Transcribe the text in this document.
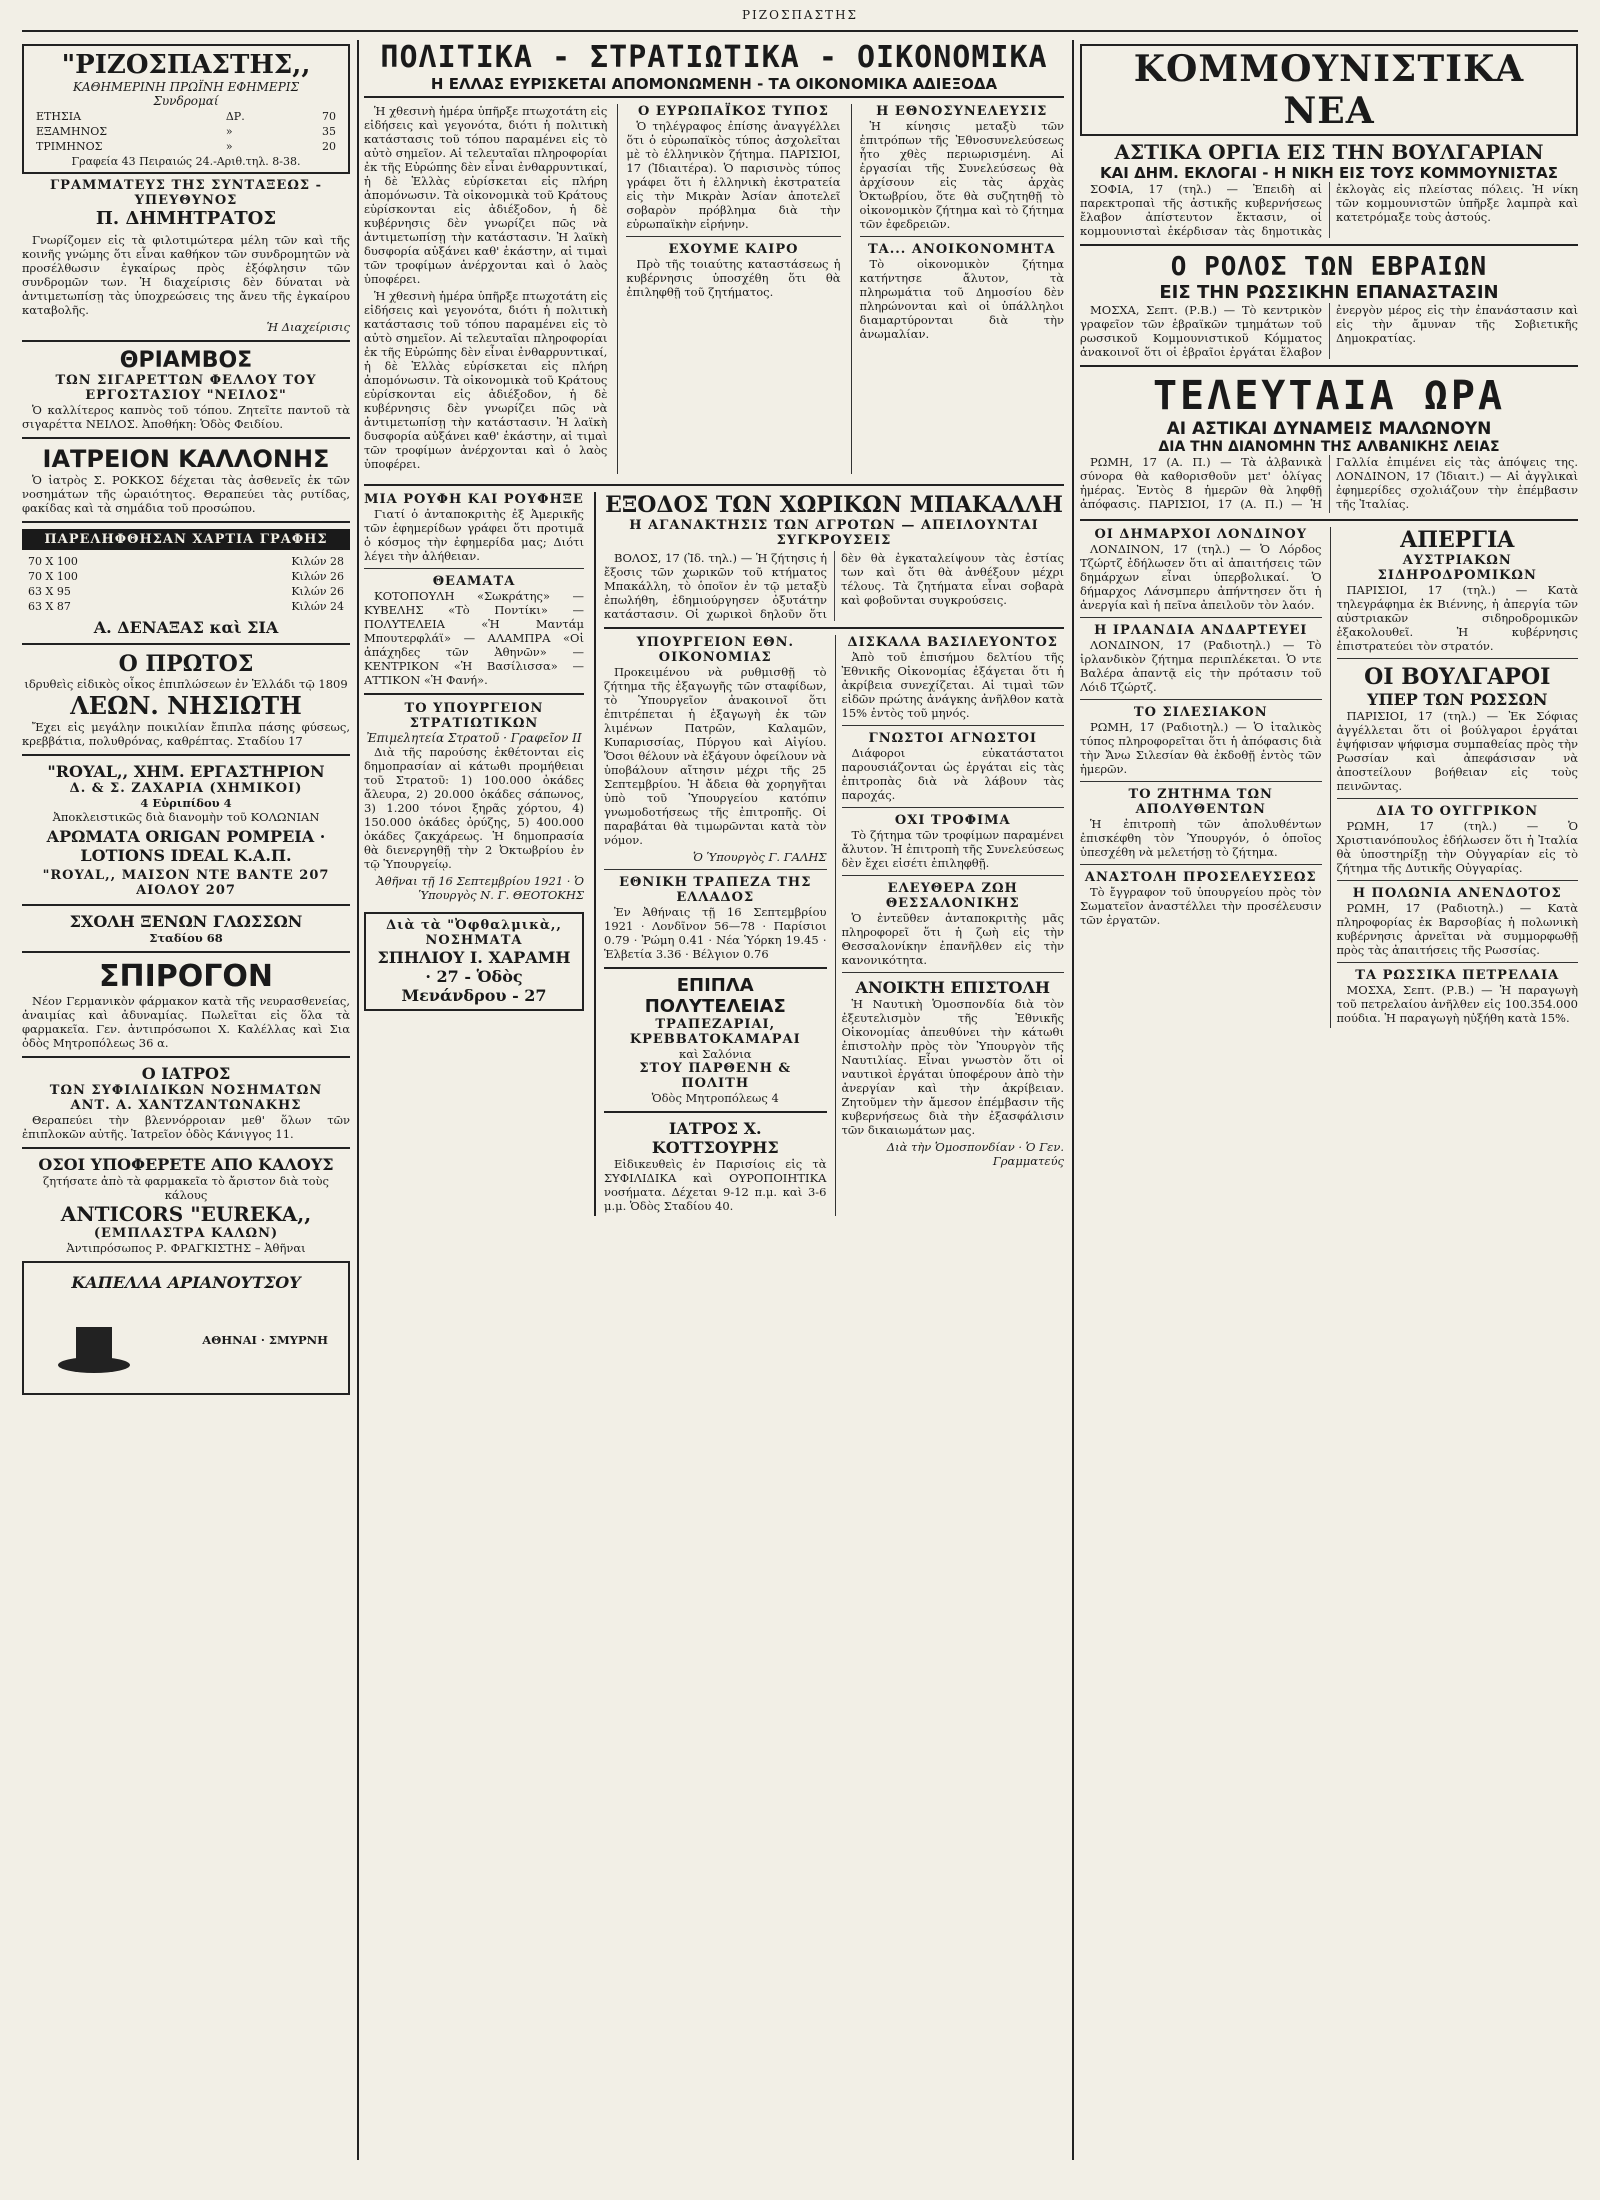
ΡΙΖΟΣΠΑΣΤΗΣ
"ΡΙΖΟΣΠΑΣΤΗΣ,,
ΚΑΘΗΜΕΡΙΝΗ ΠΡΩΪΝΗ ΕΦΗΜΕΡΙΣ
Συνδρομαί
ΕΤΗΣΙΑ	ΔΡ.	70
ΕΞΑΜΗΝΟΣ	»	35
ΤΡΙΜΗΝΟΣ	»	20
Γραφεία 43 Πειραιώς 24.-Αριθ.τηλ. 8-38.
ΓΡΑΜΜΑΤΕΥΣ ΤΗΣ ΣΥΝΤΑΞΕΩΣ - ΥΠΕΥΘΥΝΟΣ
Π. ΔΗΜΗΤΡΑΤΟΣ

Γνωρίζομεν εἰς τὰ φιλοτιμώτερα μέλη τῶν καὶ τῆς κοινῆς γνώμης ὅτι εἶναι καθήκον τῶν συνδρομητῶν νὰ προσέλθωσιν ἐγκαίρως πρὸς ἐξόφλησιν τῶν συνδρομῶν των. Ἡ διαχείρισις δὲν δύναται νὰ ἀντιμετωπίσῃ τὰς ὑποχρεώσεις της ἄνευ τῆς ἐγκαίρου καταβολῆς.

Ἡ Διαχείρισις
ΘΡΙΑΜΒΟΣ
ΤΩΝ ΣΙΓΑΡΕΤΤΩΝ ΦΕΛΛΟΥ ΤΟΥ ΕΡΓΟΣΤΑΣΙΟΥ "ΝΕΙΛΟΣ"

Ὁ καλλίτερος καπνὸς τοῦ τόπου. Ζητεῖτε παντοῦ τὰ σιγαρέττα ΝΕΙΛΟΣ. Ἀποθήκη: Ὁδὸς Φειδίου.

ΙΑΤΡΕΙΟΝ ΚΑΛΛΟΝΗΣ

Ὁ ἰατρὸς Σ. ΡΟΚΚΟΣ δέχεται τὰς ἀσθενεῖς ἐκ τῶν νοσημάτων τῆς ὡραιότητος. Θεραπεύει τὰς ρυτίδας, φακίδας καὶ τὰ σημάδια τοῦ προσώπου.

ΠΑΡΕΛΗΦΘΗΣΑΝ ΧΑΡΤΙΑ ΓΡΑΦΗΣ
70 X 100	Κιλών 28
70 X 100	Κιλών 26
63 X 95	Κιλών 26
63 X 87	Κιλών 24
Α. ΔΕΝΑΞΑΣ καὶ ΣΙΑ
Ο ΠΡΩΤΟΣ
ιδρυθεὶς εἰδικὸς οἶκος ἐπιπλώσεων ἐν Ἑλλάδι τῷ 1809
ΛΕΩΝ. ΝΗΣΙΩΤΗ

Ἔχει εἰς μεγάλην ποικιλίαν ἔπιπλα πάσης φύσεως, κρεββάτια, πολυθρόνας, καθρέπτας. Σταδίου 17

"ROYAL,, ΧΗΜ. ΕΡΓΑΣΤΗΡΙΟΝ
Δ. & Σ. ΖΑΧΑΡΙΑ (ΧΗΜΙΚΟΙ)
4 Εὐριπίδου 4
Ἀποκλειστικῶς διὰ διανομὴν τοῦ ΚΟΛΩΝΙΑΝ
ΑΡΩΜΑΤΑ ORIGAN POMPEIA · LOTIONS IDEAL K.A.Π.
"ROYAL,, ΜΑΙΣΟΝ ΝΤΕ ΒΑΝΤΕ 207 ΑΙΟΛΟΥ 207
ΣΧΟΛΗ ΞΕΝΩΝ ΓΛΩΣΣΩΝ
Σταδίου 68
ΣΠΙΡΟΓΟΝ

Νέον Γερμανικὸν φάρμακον κατὰ τῆς νευρασθενείας, ἀναιμίας καὶ ἀδυναμίας. Πωλεῖται εἰς ὅλα τὰ φαρμακεῖα. Γεν. ἀντιπρόσωποι Χ. Καλέλλας καὶ Σια ὁδὸς Μητροπόλεως 36 α.

Ο ΙΑΤΡΟΣ
ΤΩΝ ΣΥΦΙΛΙΔΙΚΩΝ ΝΟΣΗΜΑΤΩΝ
ΑΝΤ. Α. ΧΑΝΤΖΑΝΤΩΝΑΚΗΣ

Θεραπεύει τὴν βλεννόρροιαν μεθ' ὅλων τῶν ἐπιπλοκῶν αὐτῆς. Ἰατρεῖον ὁδὸς Κάνιγγος 11.

ΟΣΟΙ ΥΠΟΦΕΡΕΤΕ ΑΠΟ ΚΑΛΟΥΣ
ζητήσατε ἀπὸ τὰ φαρμακεῖα τὸ ἄριστον διὰ τοὺς κάλους
ANTICORS "EUREKA,,
(ΕΜΠΛΑΣΤΡΑ ΚΑΛΩΝ)
Ἀντιπρόσωπος Ρ. ΦΡΑΓΚΙΣΤΗΣ – Ἀθῆναι
ΚΑΠΕΛΛΑ ΑΡΙΑΝΟΥΤΣΟΥ
ΑΘΗΝΑΙ · ΣΜΥΡΝΗ
ΠΟΛΙΤΙΚΑ - ΣΤΡΑΤΙΩΤΙΚΑ - ΟΙΚΟΝΟΜΙΚΑ
Η ΕΛΛΑΣ ΕΥΡΙΣΚΕΤΑΙ ΑΠΟΜΟΝΩΜΕΝΗ - ΤΑ ΟΙΚΟΝΟΜΙΚΑ ΑΔΙΕΞΟΔΑ

Ἡ χθεσινὴ ἡμέρα ὑπῆρξε πτωχοτάτη εἰς εἰδήσεις καὶ γεγονότα, διότι ἡ πολιτικὴ κατάστασις τοῦ τόπου παραμένει εἰς τὸ αὐτὸ σημεῖον. Αἱ τελευταῖαι πληροφορίαι ἐκ τῆς Εὐρώπης δὲν εἶναι ἐνθαρρυντικαί, ἡ δὲ Ἑλλὰς εὑρίσκεται εἰς πλήρη ἀπομόνωσιν. Τὰ οἰκονομικὰ τοῦ Κράτους εὑρίσκονται εἰς ἀδιέξοδον, ἡ δὲ κυβέρνησις δὲν γνωρίζει πῶς νὰ ἀντιμετωπίσῃ τὴν κατάστασιν. Ἡ λαϊκὴ δυσφορία αὐξάνει καθ' ἑκάστην, αἱ τιμαὶ τῶν τροφίμων ἀνέρχονται καὶ ὁ λαὸς ὑποφέρει.

Ἡ χθεσινὴ ἡμέρα ὑπῆρξε πτωχοτάτη εἰς εἰδήσεις καὶ γεγονότα, διότι ἡ πολιτικὴ κατάστασις τοῦ τόπου παραμένει εἰς τὸ αὐτὸ σημεῖον. Αἱ τελευταῖαι πληροφορίαι ἐκ τῆς Εὐρώπης δὲν εἶναι ἐνθαρρυντικαί, ἡ δὲ Ἑλλὰς εὑρίσκεται εἰς πλήρη ἀπομόνωσιν. Τὰ οἰκονομικὰ τοῦ Κράτους εὑρίσκονται εἰς ἀδιέξοδον, ἡ δὲ κυβέρνησις δὲν γνωρίζει πῶς νὰ ἀντιμετωπίσῃ τὴν κατάστασιν. Ἡ λαϊκὴ δυσφορία αὐξάνει καθ' ἑκάστην, αἱ τιμαὶ τῶν τροφίμων ἀνέρχονται καὶ ὁ λαὸς ὑποφέρει.

Ο ΕΥΡΩΠΑΪΚΟΣ ΤΥΠΟΣ

Ὁ τηλέγραφος ἐπίσης ἀναγγέλλει ὅτι ὁ εὐρωπαϊκὸς τύπος ἀσχολεῖται μὲ τὸ ἑλληνικὸν ζήτημα. ΠΑΡΙΣΙΟΙ, 17 (Ἰδιαιτέρα). Ὁ παρισινὸς τύπος γράφει ὅτι ἡ ἑλληνικὴ ἐκστρατεία εἰς τὴν Μικρὰν Ἀσίαν ἀποτελεῖ σοβαρὸν πρόβλημα διὰ τὴν εὐρωπαϊκὴν εἰρήνην.

ΕΧΟΥΜΕ ΚΑΙΡΟ

Πρὸ τῆς τοιαύτης καταστάσεως ἡ κυβέρνησις ὑποσχέθη ὅτι θὰ ἐπιληφθῇ τοῦ ζητήματος.

Η ΕΘΝΟΣΥΝΕΛΕΥΣΙΣ

Ἡ κίνησις μεταξὺ τῶν ἐπιτρόπων τῆς Ἐθνοσυνελεύσεως ἦτο χθὲς περιωρισμένη. Αἱ ἐργασίαι τῆς Συνελεύσεως θὰ ἀρχίσουν εἰς τὰς ἀρχὰς Ὀκτωβρίου, ὅτε θὰ συζητηθῇ τὸ οἰκονομικὸν ζήτημα καὶ τὸ ζήτημα τῶν ἐφεδρειῶν.

ΤΑ... ΑΝΟΙΚΟΝΟΜΗΤΑ

Τὸ οἰκονομικὸν ζήτημα κατήντησε ἄλυτον, τὰ πληρωμάτια τοῦ Δημοσίου δὲν πληρώνονται καὶ οἱ ὑπάλληλοι διαμαρτύρονται διὰ τὴν ἀνωμαλίαν.

ΜΙΑ ΡΟΥΦΗ ΚΑΙ ΡΟΥΦΗΞΕ

Γιατί ὁ ἀνταποκριτὴς ἐξ Ἀμερικῆς τῶν ἐφημερίδων γράφει ὅτι προτιμᾶ ὁ κόσμος τὴν ἐφημερίδα μας; Διότι λέγει τὴν ἀλήθειαν.

ΘΕΑΜΑΤΑ

ΚΟΤΟΠΟΥΛΗ «Σωκράτης» — ΚΥΒΕΛΗΣ «Τὸ Ποντίκι» — ΠΟΛΥΤΕΛΕΙΑ «Ἡ Μαντάμ Μπουτερφλάϊ» — ΑΛΑΜΠΡΑ «Οἱ ἀπάχηδες τῶν Ἀθηνῶν» — ΚΕΝΤΡΙΚΟΝ «Ἡ Βασίλισσα» — ΑΤΤΙΚΟΝ «Ἡ Φανή».

ΤΟ ΥΠΟΥΡΓΕΙΟΝ ΣΤΡΑΤΙΩΤΙΚΩΝ
Ἐπιμελητεία Στρατοῦ · Γραφεῖον ΙΙ

Διὰ τῆς παρούσης ἐκθέτονται εἰς δημοπρασίαν αἱ κάτωθι προμήθειαι τοῦ Στρατοῦ: 1) 100.000 ὀκάδες ἄλευρα, 2) 20.000 ὀκάδες σάπωνος, 3) 1.200 τόνοι ξηρᾶς χόρτου, 4) 150.000 ὀκάδες ὀρύζης, 5) 400.000 ὀκάδες ζακχάρεως. Ἡ δημοπρασία θὰ διενεργηθῇ τὴν 2 Ὀκτωβρίου ἐν τῷ Ὑπουργείῳ.

Ἀθῆναι τῇ 16 Σεπτεμβρίου 1921 · Ὁ Ὑπουργὸς Ν. Γ. ΘΕΟΤΟΚΗΣ
Διὰ τὰ "Ὀφθαλμικὰ,, ΝΟΣΗΜΑΤΑ
ΣΠΗΛΙΟΥ Ι. ΧΑΡΑΜΗ · 27 - Ὁδὸς Μενάνδρου - 27
ΕΞΟΔΟΣ ΤΩΝ ΧΩΡΙΚΩΝ ΜΠΑΚΑΛΛΗ
Η ΑΓΑΝΑΚΤΗΣΙΣ ΤΩΝ ΑΓΡΟΤΩΝ — ΑΠΕΙΛΟΥΝΤΑΙ ΣΥΓΚΡΟΥΣΕΙΣ

ΒΟΛΟΣ, 17 (Ἰδ. τηλ.) — Ἡ ζήτησις ἡ ἔξοσις τῶν χωρικῶν τοῦ κτήματος Μπακάλλη, τὸ ὁποῖον ἐν τῷ μεταξὺ ἐπωλήθη, ἐδημιούργησεν ὀξυτάτην κατάστασιν. Οἱ χωρικοὶ δηλοῦν ὅτι δὲν θὰ ἐγκαταλείψουν τὰς ἐστίας των καὶ ὅτι θὰ ἀνθέξουν μέχρι τέλους. Τὰ ζητήματα εἶναι σοβαρὰ καὶ φοβοῦνται συγκρούσεις.

ΥΠΟΥΡΓΕΙΟΝ ΕΘΝ. ΟΙΚΟΝΟΜΙΑΣ

Προκειμένου νὰ ρυθμισθῇ τὸ ζήτημα τῆς ἐξαγωγῆς τῶν σταφίδων, τὸ Ὑπουργεῖον ἀνακοινοῖ ὅτι ἐπιτρέπεται ἡ ἐξαγωγὴ ἐκ τῶν λιμένων Πατρῶν, Καλαμῶν, Κυπαρισσίας, Πύργου καὶ Αἰγίου. Ὅσοι θέλουν νὰ ἐξάγουν ὀφείλουν νὰ ὑποβάλουν αἴτησιν μέχρι τῆς 25 Σεπτεμβρίου. Ἡ ἄδεια θὰ χορηγῆται ὑπὸ τοῦ Ὑπουργείου κατόπιν γνωμοδοτήσεως τῆς ἐπιτροπῆς. Οἱ παραβάται θὰ τιμωρῶνται κατὰ τὸν νόμον.

Ὁ Ὑπουργὸς Γ. ΓΑΛΗΣ
ΕΘΝΙΚΗ ΤΡΑΠΕΖΑ ΤΗΣ ΕΛΛΑΔΟΣ

Ἐν Ἀθήναις τῇ 16 Σεπτεμβρίου 1921 · Λονδῖνον 56—78 · Παρίσιοι 0.79 · Ῥώμη 0.41 · Νέα Ὑόρκη 19.45 · Ἑλβετία 3.36 · Βέλγιον 0.76

ΕΠΙΠΛΑ ΠΟΛΥΤΕΛΕΙΑΣ
ΤΡΑΠΕΖΑΡΙΑΙ, ΚΡΕΒΒΑΤΟΚΑΜΑΡΑΙ
καὶ Σαλόνια
ΣΤΟΥ ΠΑΡΘΕΝΗ & ΠΟΛΙΤΗ
Ὁδὸς Μητροπόλεως 4
ΙΑΤΡΟΣ Χ. ΚΟΤΤΣΟΥΡΗΣ

Εἰδικευθεὶς ἐν Παρισίοις εἰς τὰ ΣΥΦΙΛΙΔΙΚΑ καὶ ΟΥΡΟΠΟΙΗΤΙΚΑ νοσήματα. Δέχεται 9-12 π.μ. καὶ 3-6 μ.μ. Ὁδὸς Σταδίου 40.

ΔΙΣΚΑΛΑ ΒΑΣΙΛΕΥΟΝΤΟΣ

Ἀπὸ τοῦ ἐπισήμου δελτίου τῆς Ἐθνικῆς Οἰκονομίας ἐξάγεται ὅτι ἡ ἀκρίβεια συνεχίζεται. Αἱ τιμαὶ τῶν εἰδῶν πρώτης ἀνάγκης ἀνῆλθον κατὰ 15% ἐντὸς τοῦ μηνός.

ΓΝΩΣΤΟΙ ΑΓΝΩΣΤΟΙ

Διάφοροι εὐκατάστατοι παρουσιάζονται ὡς ἐργάται εἰς τὰς ἐπιτροπὰς διὰ νὰ λάβουν τὰς παροχάς.

ΟΧΙ ΤΡΟΦΙΜΑ

Τὸ ζήτημα τῶν τροφίμων παραμένει ἄλυτον. Ἡ ἐπιτροπὴ τῆς Συνελεύσεως δὲν ἔχει εἰσέτι ἐπιληφθῇ.

ΕΛΕΥΘΕΡΑ ΖΩΗ ΘΕΣΣΑΛΟΝΙΚΗΣ

Ὁ ἐντεῦθεν ἀνταποκριτὴς μᾶς πληροφορεῖ ὅτι ἡ ζωὴ εἰς τὴν Θεσσαλονίκην ἐπανῆλθεν εἰς τὴν κανονικότητα.

ΑΝΟΙΚΤΗ ΕΠΙΣΤΟΛΗ

Ἡ Ναυτικὴ Ὁμοσπονδία διὰ τὸν ἐξευτελισμὸν τῆς Ἐθνικῆς Οἰκονομίας ἀπευθύνει τὴν κάτωθι ἐπιστολὴν πρὸς τὸν Ὑπουργὸν τῆς Ναυτιλίας. Εἶναι γνωστὸν ὅτι οἱ ναυτικοὶ ἐργάται ὑποφέρουν ἀπὸ τὴν ἀνεργίαν καὶ τὴν ἀκρίβειαν. Ζητοῦμεν τὴν ἄμεσον ἐπέμβασιν τῆς κυβερνήσεως διὰ τὴν ἐξασφάλισιν τῶν δικαιωμάτων μας.

Διὰ τὴν Ὁμοσπονδίαν · Ὁ Γεν. Γραμματεύς
ΚΟΜΜΟΥΝΙΣΤΙΚΑ ΝΕΑ
ΑΣΤΙΚΑ ΟΡΓΙΑ ΕΙΣ ΤΗΝ ΒΟΥΛΓΑΡΙΑΝ
ΚΑΙ ΔΗΜ. ΕΚΛΟΓΑΙ - Η ΝΙΚΗ ΕΙΣ ΤΟΥΣ ΚΟΜΜΟΥΝΙΣΤΑΣ

ΣΟΦΙΑ, 17 (τηλ.) — Ἐπειδὴ αἱ παρεκτροπαὶ τῆς ἀστικῆς κυβερνήσεως ἔλαβον ἀπίστευτον ἔκτασιν, οἱ κομμουνισταὶ ἐκέρδισαν τὰς δημοτικὰς ἐκλογὰς εἰς πλείστας πόλεις. Ἡ νίκη τῶν κομμουνιστῶν ὑπῆρξε λαμπρὰ καὶ κατετρόμαξε τοὺς ἀστούς.

Ο ΡΟΛΟΣ ΤΩΝ ΕΒΡΑΙΩΝ
ΕΙΣ ΤΗΝ ΡΩΣΣΙΚΗΝ ΕΠΑΝΑΣΤΑΣΙΝ

ΜΟΣΧΑ, Σεπτ. (Ρ.Β.) — Τὸ κεντρικὸν γραφεῖον τῶν ἑβραϊκῶν τμημάτων τοῦ ρωσσικοῦ Κομμουνιστικοῦ Κόμματος ἀνακοινοῖ ὅτι οἱ ἑβραῖοι ἐργάται ἔλαβον ἐνεργὸν μέρος εἰς τὴν ἐπανάστασιν καὶ εἰς τὴν ἄμυναν τῆς Σοβιετικῆς Δημοκρατίας.

ΤΕΛΕΥΤΑΙΑ ΩΡΑ
ΑΙ ΑΣΤΙΚΑΙ ΔΥΝΑΜΕΙΣ ΜΑΛΩΝΟΥΝ
ΔΙΑ ΤΗΝ ΔΙΑΝΟΜΗΝ ΤΗΣ ΑΛΒΑΝΙΚΗΣ ΛΕΙΑΣ

ΡΩΜΗ, 17 (Α. Π.) — Τὰ ἀλβανικὰ σύνορα θὰ καθορισθοῦν μετ' ὀλίγας ἡμέρας. Ἐντὸς 8 ἡμερῶν θὰ ληφθῇ ἀπόφασις. ΠΑΡΙΣΙΟΙ, 17 (Α. Π.) — Ἡ Γαλλία ἐπιμένει εἰς τὰς ἀπόψεις της. ΛΟΝΔΙΝΟΝ, 17 (Ἰδιαιτ.) — Αἱ ἀγγλικαὶ ἐφημερίδες σχολιάζουν τὴν ἐπέμβασιν τῆς Ἰταλίας.

ΟΙ ΔΗΜΑΡΧΟΙ ΛΟΝΔΙΝΟΥ

ΛΟΝΔΙΝΟΝ, 17 (τηλ.) — Ὁ Λόρδος Τζώρτζ ἐδήλωσεν ὅτι αἱ ἀπαιτήσεις τῶν δημάρχων εἶναι ὑπερβολικαί. Ὁ δήμαρχος Λάνσμπερυ ἀπήντησεν ὅτι ἡ ἀνεργία καὶ ἡ πεῖνα ἀπειλοῦν τὸν λαόν.

Η ΙΡΛΑΝΔΙΑ ΑΝΔΑΡΤΕΥΕΙ

ΛΟΝΔΙΝΟΝ, 17 (Ραδιοτηλ.) — Τὸ ἰρλανδικὸν ζήτημα περιπλέκεται. Ὁ ντε Βαλέρα ἀπαντᾷ εἰς τὴν πρότασιν τοῦ Λόιδ Τζώρτζ.

ΤΟ ΣΙΛΕΣΙΑΚΟΝ

ΡΩΜΗ, 17 (Ραδιοτηλ.) — Ὁ ἰταλικὸς τύπος πληροφορεῖται ὅτι ἡ ἀπόφασις διὰ τὴν Ἄνω Σιλεσίαν θὰ ἐκδοθῇ ἐντὸς τῶν ἡμερῶν.

ΤΟ ΖΗΤΗΜΑ ΤΩΝ ΑΠΟΛΥΘΕΝΤΩΝ

Ἡ ἐπιτροπὴ τῶν ἀπολυθέντων ἐπισκέφθη τὸν Ὑπουργόν, ὁ ὁποῖος ὑπεσχέθη νὰ μελετήσῃ τὸ ζήτημα.

ΑΝΑΣΤΟΛΗ ΠΡΟΣΕΛΕΥΣΕΩΣ

Τὸ ἔγγραφον τοῦ ὑπουργείου πρὸς τὸν Σωματεῖον ἀναστέλλει τὴν προσέλευσιν τῶν ἐργατῶν.

ΑΠΕΡΓΙΑ
ΑΥΣΤΡΙΑΚΩΝ ΣΙΔΗΡΟΔΡΟΜΙΚΩΝ

ΠΑΡΙΣΙΟΙ, 17 (τηλ.) — Κατὰ τηλεγράφημα ἐκ Βιέννης, ἡ ἀπεργία τῶν αὐστριακῶν σιδηροδρομικῶν ἐξακολουθεῖ. Ἡ κυβέρνησις ἐπιστρατεύει τὸν στρατόν.

ΟΙ ΒΟΥΛΓΑΡΟΙ
ΥΠΕΡ ΤΩΝ ΡΩΣΣΩΝ

ΠΑΡΙΣΙΟΙ, 17 (τηλ.) — Ἐκ Σόφιας ἀγγέλλεται ὅτι οἱ βούλγαροι ἐργάται ἐψήφισαν ψήφισμα συμπαθείας πρὸς τὴν Ρωσσίαν καὶ ἀπεφάσισαν νὰ ἀποστείλουν βοήθειαν εἰς τοὺς πεινῶντας.

ΔΙΑ ΤΟ ΟΥΓΓΡΙΚΟΝ

ΡΩΜΗ, 17 (τηλ.) — Ὁ Χριστιανόπουλος ἐδήλωσεν ὅτι ἡ Ἰταλία θὰ ὑποστηρίξῃ τὴν Οὐγγαρίαν εἰς τὸ ζήτημα τῆς Δυτικῆς Οὐγγαρίας.

Η ΠΟΛΩΝΙΑ ΑΝΕΝΔΟΤΟΣ

ΡΩΜΗ, 17 (Ραδιοτηλ.) — Κατὰ πληροφορίας ἐκ Βαρσοβίας ἡ πολωνικὴ κυβέρνησις ἀρνεῖται νὰ συμμορφωθῇ πρὸς τὰς ἀπαιτήσεις τῆς Ρωσσίας.

ΤΑ ΡΩΣΣΙΚΑ ΠΕΤΡΕΛΑΙΑ

ΜΟΣΧΑ, Σεπτ. (Ρ.Β.) — Ἡ παραγωγὴ τοῦ πετρελαίου ἀνῆλθεν εἰς 100.354.000 πούδια. Ἡ παραγωγὴ ηὐξήθη κατὰ 15%.
